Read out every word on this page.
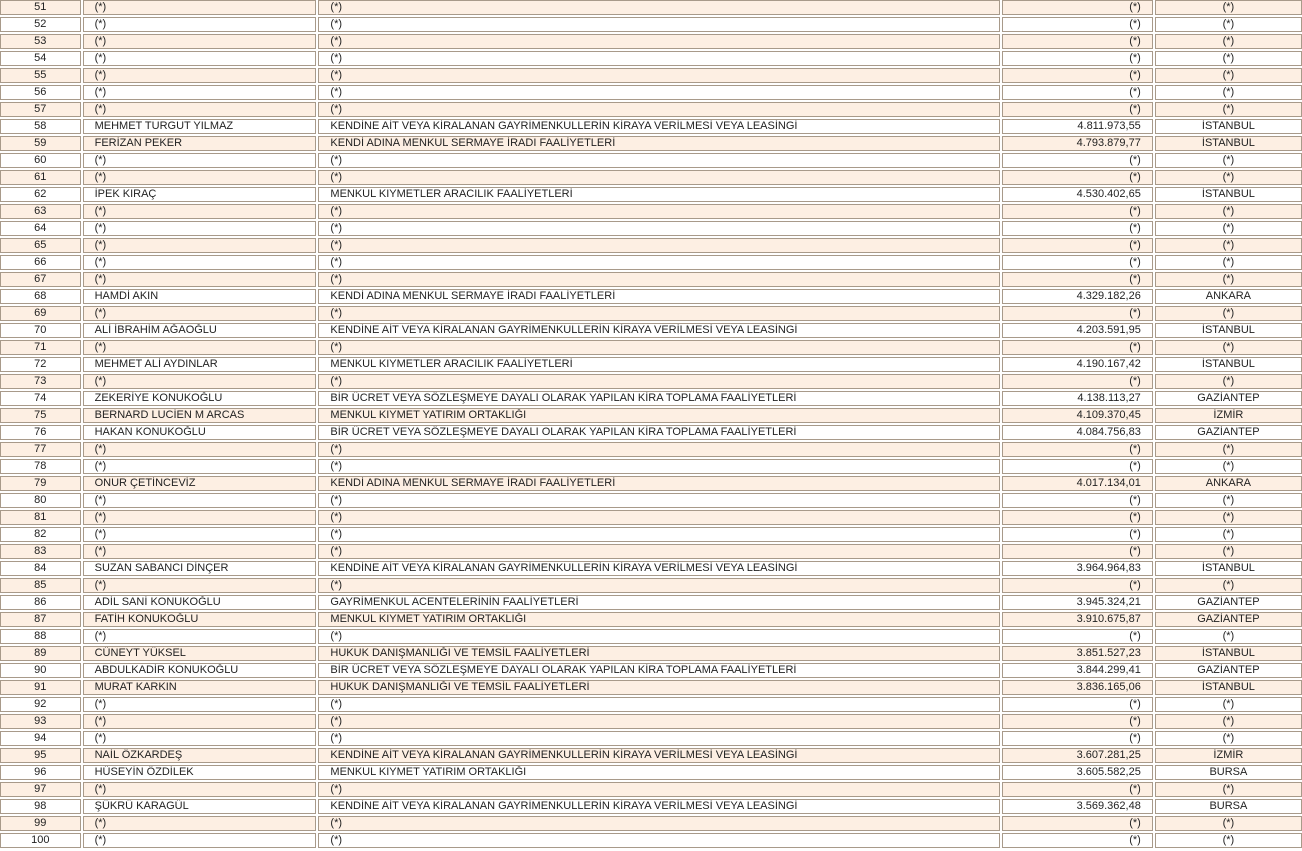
51	(*)	(*)	(*)	(*)
52	(*)	(*)	(*)	(*)
53	(*)	(*)	(*)	(*)
54	(*)	(*)	(*)	(*)
55	(*)	(*)	(*)	(*)
56	(*)	(*)	(*)	(*)
57	(*)	(*)	(*)	(*)
58	MEHMET TURGUT YILMAZ	KENDİNE AİT VEYA KİRALANAN GAYRİMENKULLERİN KİRAYA VERİLMESİ VEYA LEASİNGİ	4.811.973,55	İSTANBUL
59	FERİZAN PEKER	KENDİ ADINA MENKUL SERMAYE İRADI FAALİYETLERİ	4.793.879,77	İSTANBUL
60	(*)	(*)	(*)	(*)
61	(*)	(*)	(*)	(*)
62	İPEK KIRAÇ	MENKUL KIYMETLER ARACILIK FAALİYETLERİ	4.530.402,65	İSTANBUL
63	(*)	(*)	(*)	(*)
64	(*)	(*)	(*)	(*)
65	(*)	(*)	(*)	(*)
66	(*)	(*)	(*)	(*)
67	(*)	(*)	(*)	(*)
68	HAMDİ AKIN	KENDİ ADINA MENKUL SERMAYE İRADI FAALİYETLERİ	4.329.182,26	ANKARA
69	(*)	(*)	(*)	(*)
70	ALİ İBRAHİM AĞAOĞLU	KENDİNE AİT VEYA KİRALANAN GAYRİMENKULLERİN KİRAYA VERİLMESİ VEYA LEASİNGİ	4.203.591,95	İSTANBUL
71	(*)	(*)	(*)	(*)
72	MEHMET ALİ AYDINLAR	MENKUL KIYMETLER ARACILIK FAALİYETLERİ	4.190.167,42	İSTANBUL
73	(*)	(*)	(*)	(*)
74	ZEKERİYE KONUKOĞLU	BİR ÜCRET VEYA SÖZLEŞMEYE DAYALI OLARAK YAPILAN KİRA TOPLAMA FAALİYETLERİ	4.138.113,27	GAZİANTEP
75	BERNARD LUCİEN M ARCAS	MENKUL KIYMET YATIRIM ORTAKLIĞI	4.109.370,45	İZMİR
76	HAKAN KONUKOĞLU	BİR ÜCRET VEYA SÖZLEŞMEYE DAYALI OLARAK YAPILAN KİRA TOPLAMA FAALİYETLERİ	4.084.756,83	GAZİANTEP
77	(*)	(*)	(*)	(*)
78	(*)	(*)	(*)	(*)
79	ONUR ÇETİNCEVİZ	KENDİ ADINA MENKUL SERMAYE İRADI FAALİYETLERİ	4.017.134,01	ANKARA
80	(*)	(*)	(*)	(*)
81	(*)	(*)	(*)	(*)
82	(*)	(*)	(*)	(*)
83	(*)	(*)	(*)	(*)
84	SUZAN SABANCI DİNÇER	KENDİNE AİT VEYA KİRALANAN GAYRİMENKULLERİN KİRAYA VERİLMESİ VEYA LEASİNGİ	3.964.964,83	İSTANBUL
85	(*)	(*)	(*)	(*)
86	ADİL SANİ KONUKOĞLU	GAYRİMENKUL ACENTELERİNİN FAALİYETLERİ	3.945.324,21	GAZİANTEP
87	FATİH KONUKOĞLU	MENKUL KIYMET YATIRIM ORTAKLIĞI	3.910.675,87	GAZİANTEP
88	(*)	(*)	(*)	(*)
89	CÜNEYT YÜKSEL	HUKUK DANIŞMANLIĞI VE TEMSİL FAALİYETLERİ	3.851.527,23	İSTANBUL
90	ABDULKADİR KONUKOĞLU	BİR ÜCRET VEYA SÖZLEŞMEYE DAYALI OLARAK YAPILAN KİRA TOPLAMA FAALİYETLERİ	3.844.299,41	GAZİANTEP
91	MURAT KARKIN	HUKUK DANIŞMANLIĞI VE TEMSİL FAALİYETLERİ	3.836.165,06	İSTANBUL
92	(*)	(*)	(*)	(*)
93	(*)	(*)	(*)	(*)
94	(*)	(*)	(*)	(*)
95	NAİL ÖZKARDEŞ	KENDİNE AİT VEYA KİRALANAN GAYRİMENKULLERİN KİRAYA VERİLMESİ VEYA LEASİNGİ	3.607.281,25	İZMİR
96	HÜSEYİN ÖZDİLEK	MENKUL KIYMET YATIRIM ORTAKLIĞI	3.605.582,25	BURSA
97	(*)	(*)	(*)	(*)
98	ŞÜKRÜ KARAGÜL	KENDİNE AİT VEYA KİRALANAN GAYRİMENKULLERİN KİRAYA VERİLMESİ VEYA LEASİNGİ	3.569.362,48	BURSA
99	(*)	(*)	(*)	(*)
100	(*)	(*)	(*)	(*)
